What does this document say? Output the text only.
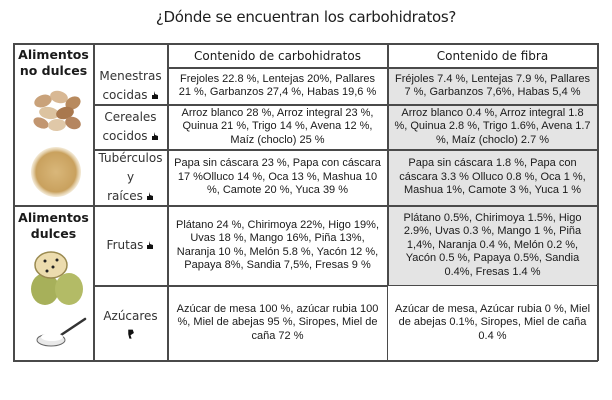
¿Dónde se encuentran los carbohidratos?
Contenido de carbohidratos	Contenido de fibra
Alimentos
no dulces
Alimentos
dulces
Menestras
cocidas
Cereales
cocidos
Tubérculos
y
raíces
Frutas
Azúcares
Frejoles 22.8 %, Lentejas 20%, Pallares 21 %, Garbanzos 27,4 %, Habas 19,6 %
Arroz blanco 28 %, Arroz integral 23 %, Quinua 21 %, Trigo 14 %, Avena 12 %, Maíz (choclo) 25 %
Papa sin cáscara 23 %, Papa con cáscara 17 %Olluco 14 %, Oca 13 %, Mashua 10 %, Camote 20 %, Yuca 39 %
Plátano 24 %, Chirimoya 22%, Higo 19%, Uvas 18 %, Mango 16%, Piña 13%, Naranja 10 %, Melón 5.8 %, Yacón 12 %, Papaya 8%, Sandia 7,5%, Fresas 9 %
Azúcar de mesa 100 %, azúcar rubia 100 %, Miel de abejas 95 %, Siropes, Miel de caña 72 %
Fréjoles 7.4 %, Lentejas 7.9 %, Pallares 7 %, Garbanzos 7,6%, Habas 5,4 %
Arroz blanco 0.4 %, Arroz integral 1.8 %, Quinua 2.8 %, Trigo 1.6%, Avena 1.7 %, Maíz (choclo) 2.7 %
Papa sin cáscara 1.8 %, Papa con cáscara 3.3 % Olluco 0.8 %, Oca 1 %, Mashua 1%, Camote 3 %, Yuca 1 %
Plátano 0.5%, Chirimoya 1.5%, Higo 2.9%, Uvas 0.3 %, Mango 1 %, Piña 1,4%, Naranja 0.4 %, Melón 0.2 %, Yacón 0.5 %, Papaya 0.5%, Sandia 0.4%, Fresas 1.4 %
Azúcar de mesa, Azúcar rubia 0 %, Miel de abejas 0.1%, Siropes, Miel de caña 0.4 %
